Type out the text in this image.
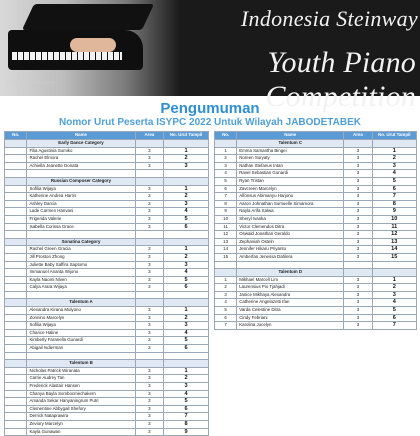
STEINWAY & SONS
Indonesia Steinway
Youth Piano Competition
Pengumuman
Nomor Urut Peserta ISYPC 2022 Untuk Wilayah JABODETABEK
No.	Name	Area	No. Urut Tampil
	Early Dance Category		
	Filia Agustinia Sumiko	3	1
	Rachel Elmora	3	2
	Achiella Jeanette Donata	3	3

	Russian Composer Category		
	Sofilia Wijaya	3	1
	Katherine Andrea Harris	3	2
	Ashley Darcia	3	3
	Lade Carmen Hanvani	3	4
	Frigerida Valerie	3	5
	Isabella Corissa Grace	3	6

	Sonatina Category		
	Rachel Green Gracia	3	1
	Jill Proston Zhong	3	2
	Juliette Baby Saffira Saptomo	3	3
	Immanuel Ananta Wijono	3	4
	Kayla Naomi Nlven	3	5
	Calya Arara Wijaya	3	6

	Talentum A		
	Alexandra Kirana Mulyono	3	1
	Zonnino Marcelyn	3	2
	Sofilia Wijaya	3	3
	Charice Haline	3	4
	Kimberly Faranella Gunardi	3	5
	Abigail Isdierman	3	6

	Talentum B		
	Nicholas Patrick Wiranata	3	1
	Carrie Audrey Tan	3	2
	Frederick Alastair Hansen	3	3
	Chanya Bayla Sombocmechakern	3	4
	Amanda Sekar Hanyaningrum Putri	3	5
	Clementine Abbygail Shefory	3	6
	Derrick Nataprawira	3	7
	Zeviory Marcelyn	3	8
	Kayla Gunawan	3	9
No.	Name	Area	No. Urut Tampil
	Talentum C		
1	Emma Samantha Bingei	3	1
2	Noreen Suryaty	3	2
3	Nathan Stefanus Intan	3	3
4	Ravel Sebastian Gunardi	3	4
5	Ryan Tristan	3	5
6	Zavcreen Marcelyn	3	6
7	Alfonsus Abimanyu Harjono	3	7
8	Aaron Johnathan Sumuelle Simamora	3	8
9	Nayla Arifa Salwa	3	9
10	Sheryl Ivanka	3	10
11	Victor Clemendos Ditra	3	11
12	Oswald Jonathan Geraldo	3	12
13	Zephaniah Osteln	3	13
14	Jennifer Hikaru Priyanto	3	14
15	Amberfan Jenessa Dahlera	3	15

	Talentum D		
1	Mikhael Marcell Lim	3	1
2	Laurensius Pio Tjahjadi	3	2
3	Janice Mikhaya Alexandra	3	3
4	Catherine Angelazetti Ifan	3	4
5	Varda Celestine Ditra	3	5
6	Cindy Febriani	3	6
7	Karolina Jocelyn	3	7
